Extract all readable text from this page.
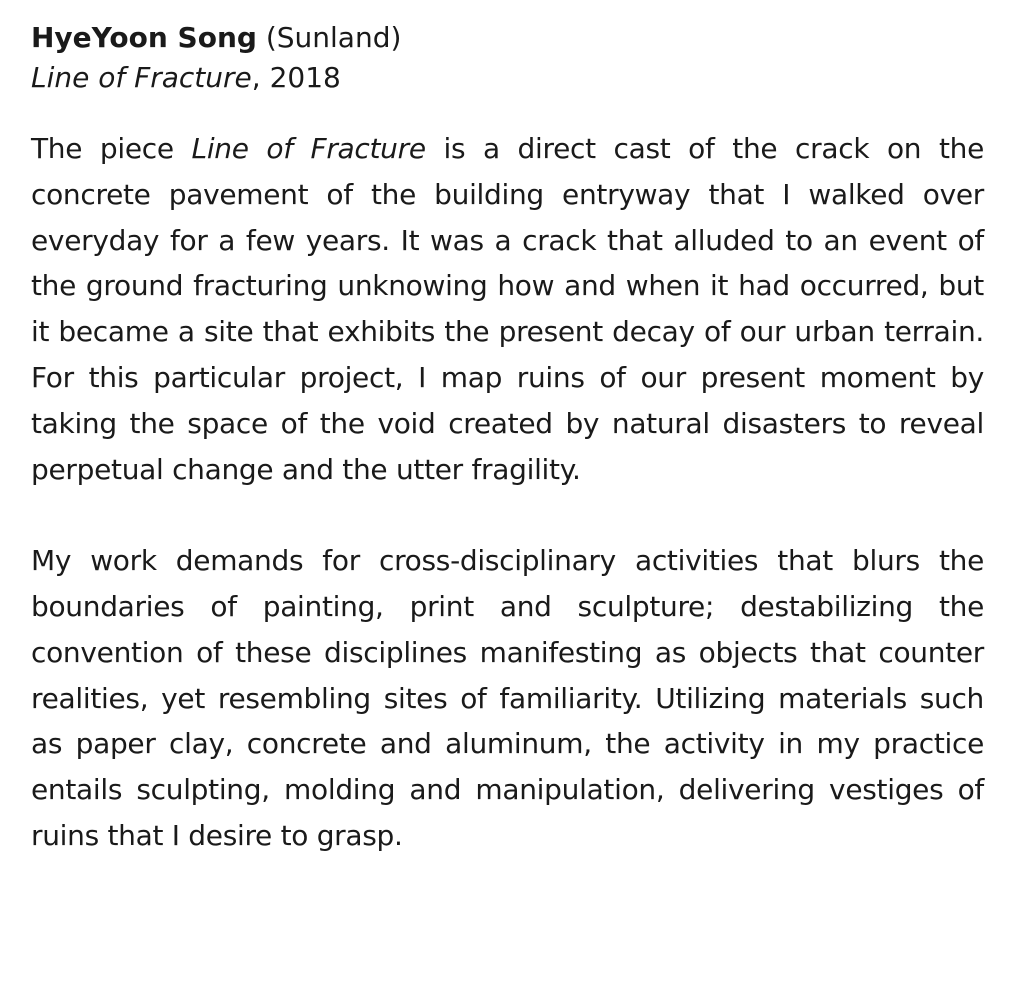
HyeYoon Song (Sunland)

Line of Fracture, 2018

The piece Line of Fracture is a direct cast of the crack on the concrete pavement of the building entryway that I walked over everyday for a few years. It was a crack that alluded to an event of the ground fracturing unknowing how and when it had occurred, but it became a site that exhibits the present decay of our urban terrain. For this particular project, I map ruins of our present moment by taking the space of the void created by natural disasters to reveal perpetual change and the utter fragility.

My work demands for cross-disciplinary activities that blurs the boundaries of painting, print and sculpture; destabilizing the convention of these disciplines manifesting as objects that counter realities, yet resembling sites of familiarity. Utilizing materials such as paper clay, concrete and aluminum, the activity in my practice entails sculpting, molding and manipulation, delivering vestiges of ruins that I desire to grasp.
